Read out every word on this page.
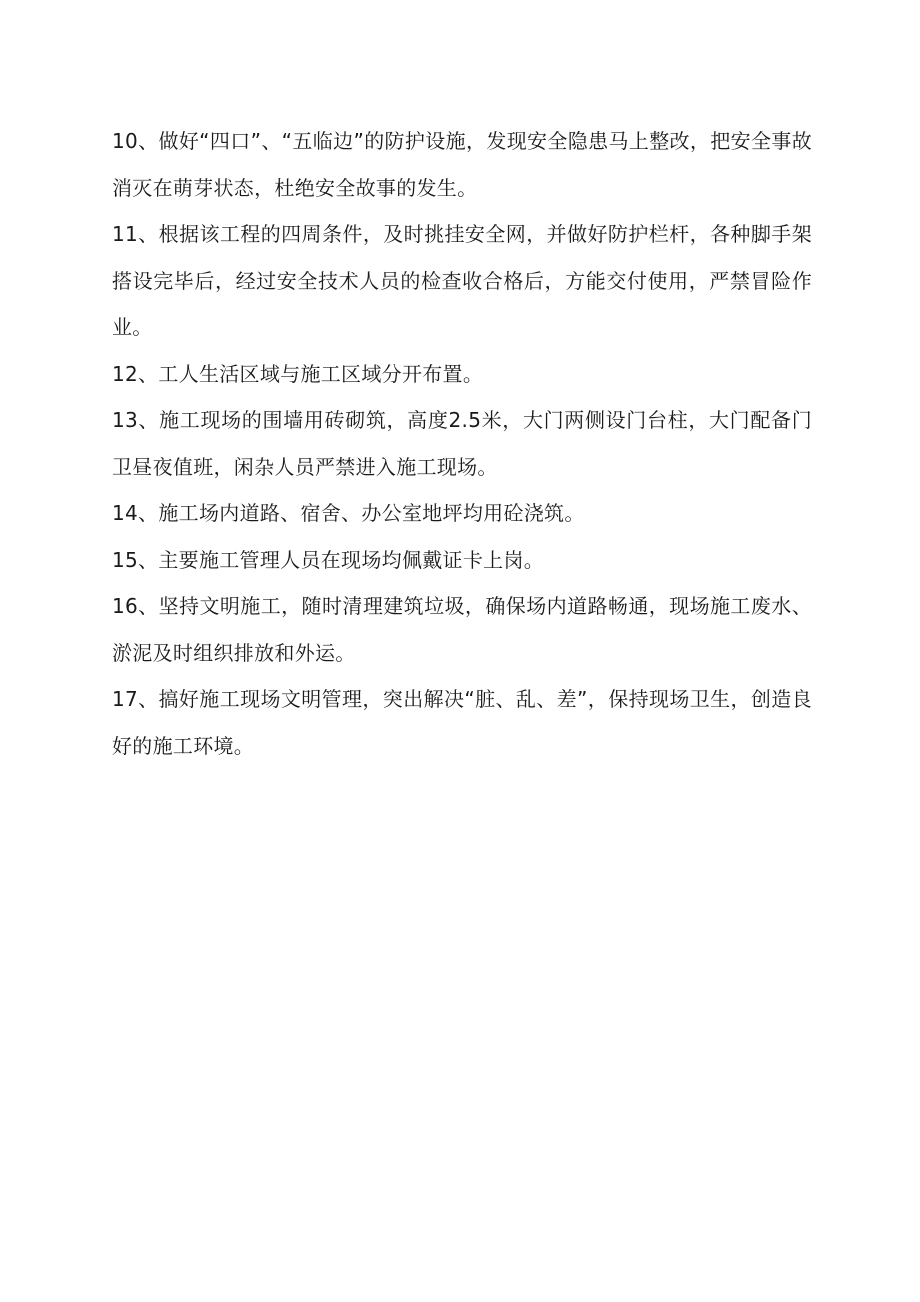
10、做好“四口”、“五临边”的防护设施，发现安全隐患马上整改，把安全事故消灭在萌芽状态，杜绝安全故事的发生。

11、根据该工程的四周条件，及时挑挂安全网，并做好防护栏杆，各种脚手架搭设完毕后，经过安全技术人员的检查收合格后，方能交付使用，严禁冒险作业。

12、工人生活区域与施工区域分开布置。

13、施工现场的围墙用砖砌筑，高度2.5米，大门两侧设门台柱，大门配备门卫昼夜值班，闲杂人员严禁进入施工现场。

14、施工场内道路、宿舍、办公室地坪均用砼浇筑。

15、主要施工管理人员在现场均佩戴证卡上岗。

16、坚持文明施工，随时清理建筑垃圾，确保场内道路畅通，现场施工废水、淤泥及时组织排放和外运。

17、搞好施工现场文明管理，突出解决“脏、乱、差”，保持现场卫生，创造良好的施工环境。
